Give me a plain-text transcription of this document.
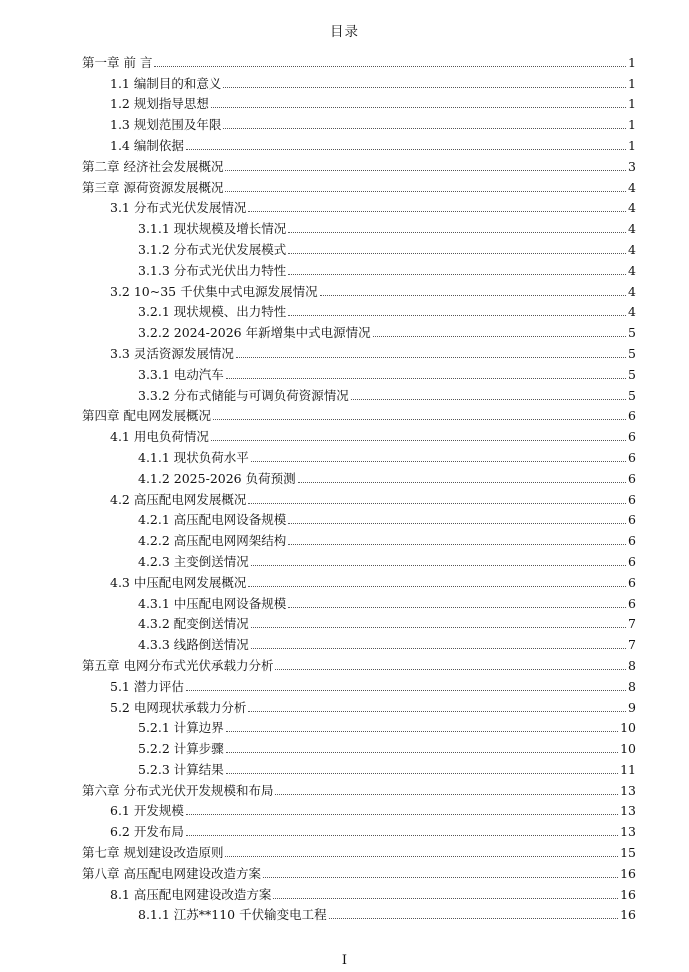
目录
第一章 前 言	1
1.1 编制目的和意义	1
1.2 规划指导思想	1
1.3 规划范围及年限	1
1.4 编制依据	1
第二章 经济社会发展概况	3
第三章 源荷资源发展概况	4
3.1 分布式光伏发展情况	4
3.1.1 现状规模及增长情况	4
3.1.2 分布式光伏发展模式	4
3.1.3 分布式光伏出力特性	4
3.2 10~35 千伏集中式电源发展情况	4
3.2.1 现状规模、出力特性	4
3.2.2 2024-2026 年新增集中式电源情况	5
3.3 灵活资源发展情况	5
3.3.1 电动汽车	5
3.3.2 分布式储能与可调负荷资源情况	5
第四章 配电网发展概况	6
4.1 用电负荷情况	6
4.1.1 现状负荷水平	6
4.1.2 2025-2026 负荷预测	6
4.2 高压配电网发展概况	6
4.2.1 高压配电网设备规模	6
4.2.2 高压配电网网架结构	6
4.2.3 主变倒送情况	6
4.3 中压配电网发展概况	6
4.3.1 中压配电网设备规模	6
4.3.2 配变倒送情况	7
4.3.3 线路倒送情况	7
第五章 电网分布式光伏承载力分析	8
5.1 潜力评估	8
5.2 电网现状承载力分析	9
5.2.1 计算边界	10
5.2.2 计算步骤	10
5.2.3 计算结果	11
第六章 分布式光伏开发规模和布局	13
6.1 开发规模	13
6.2 开发布局	13
第七章 规划建设改造原则	15
第八章 高压配电网建设改造方案	16
8.1 高压配电网建设改造方案	16
8.1.1 江苏**110 千伏输变电工程	16
I
